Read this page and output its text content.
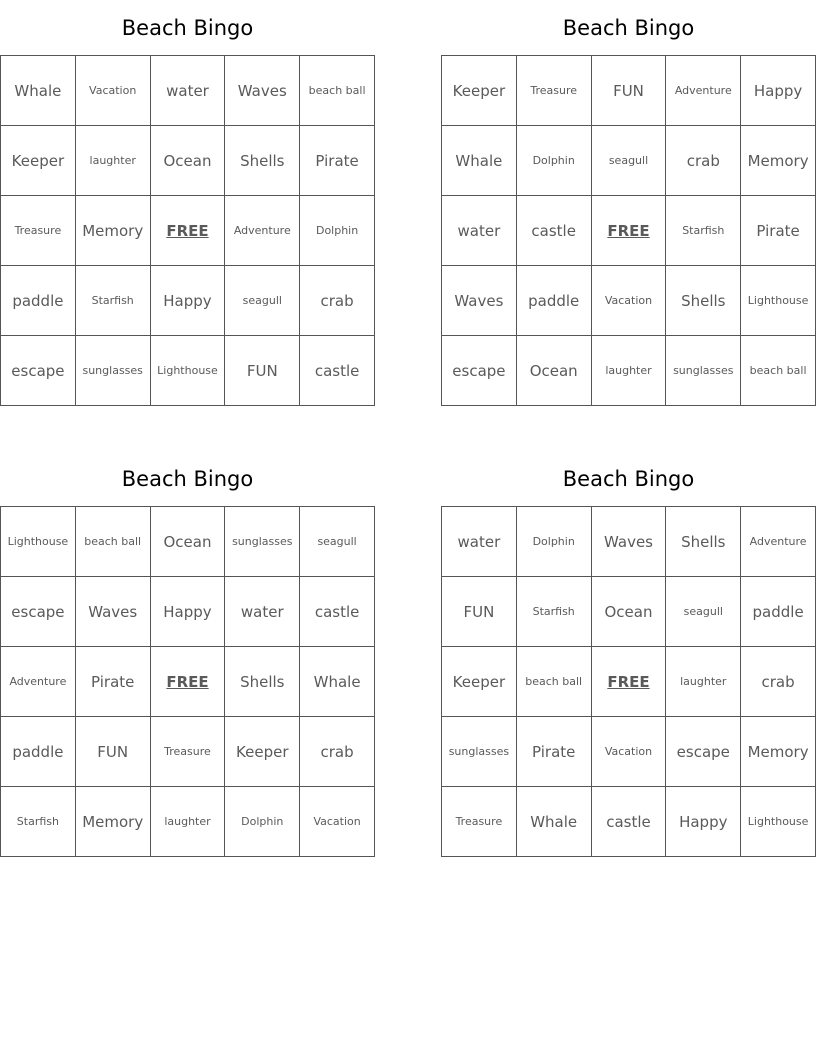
Beach Bingo
Whale	Vacation	water	Waves	beach ball
Keeper	laughter	Ocean	Shells	Pirate
Treasure	Memory	FREE	Adventure	Dolphin
paddle	Starfish	Happy	seagull	crab
escape	sunglasses	Lighthouse	FUN	castle
Beach Bingo
Keeper	Treasure	FUN	Adventure	Happy
Whale	Dolphin	seagull	crab	Memory
water	castle	FREE	Starfish	Pirate
Waves	paddle	Vacation	Shells	Lighthouse
escape	Ocean	laughter	sunglasses	beach ball
Beach Bingo
Lighthouse	beach ball	Ocean	sunglasses	seagull
escape	Waves	Happy	water	castle
Adventure	Pirate	FREE	Shells	Whale
paddle	FUN	Treasure	Keeper	crab
Starfish	Memory	laughter	Dolphin	Vacation
Beach Bingo
water	Dolphin	Waves	Shells	Adventure
FUN	Starfish	Ocean	seagull	paddle
Keeper	beach ball	FREE	laughter	crab
sunglasses	Pirate	Vacation	escape	Memory
Treasure	Whale	castle	Happy	Lighthouse
